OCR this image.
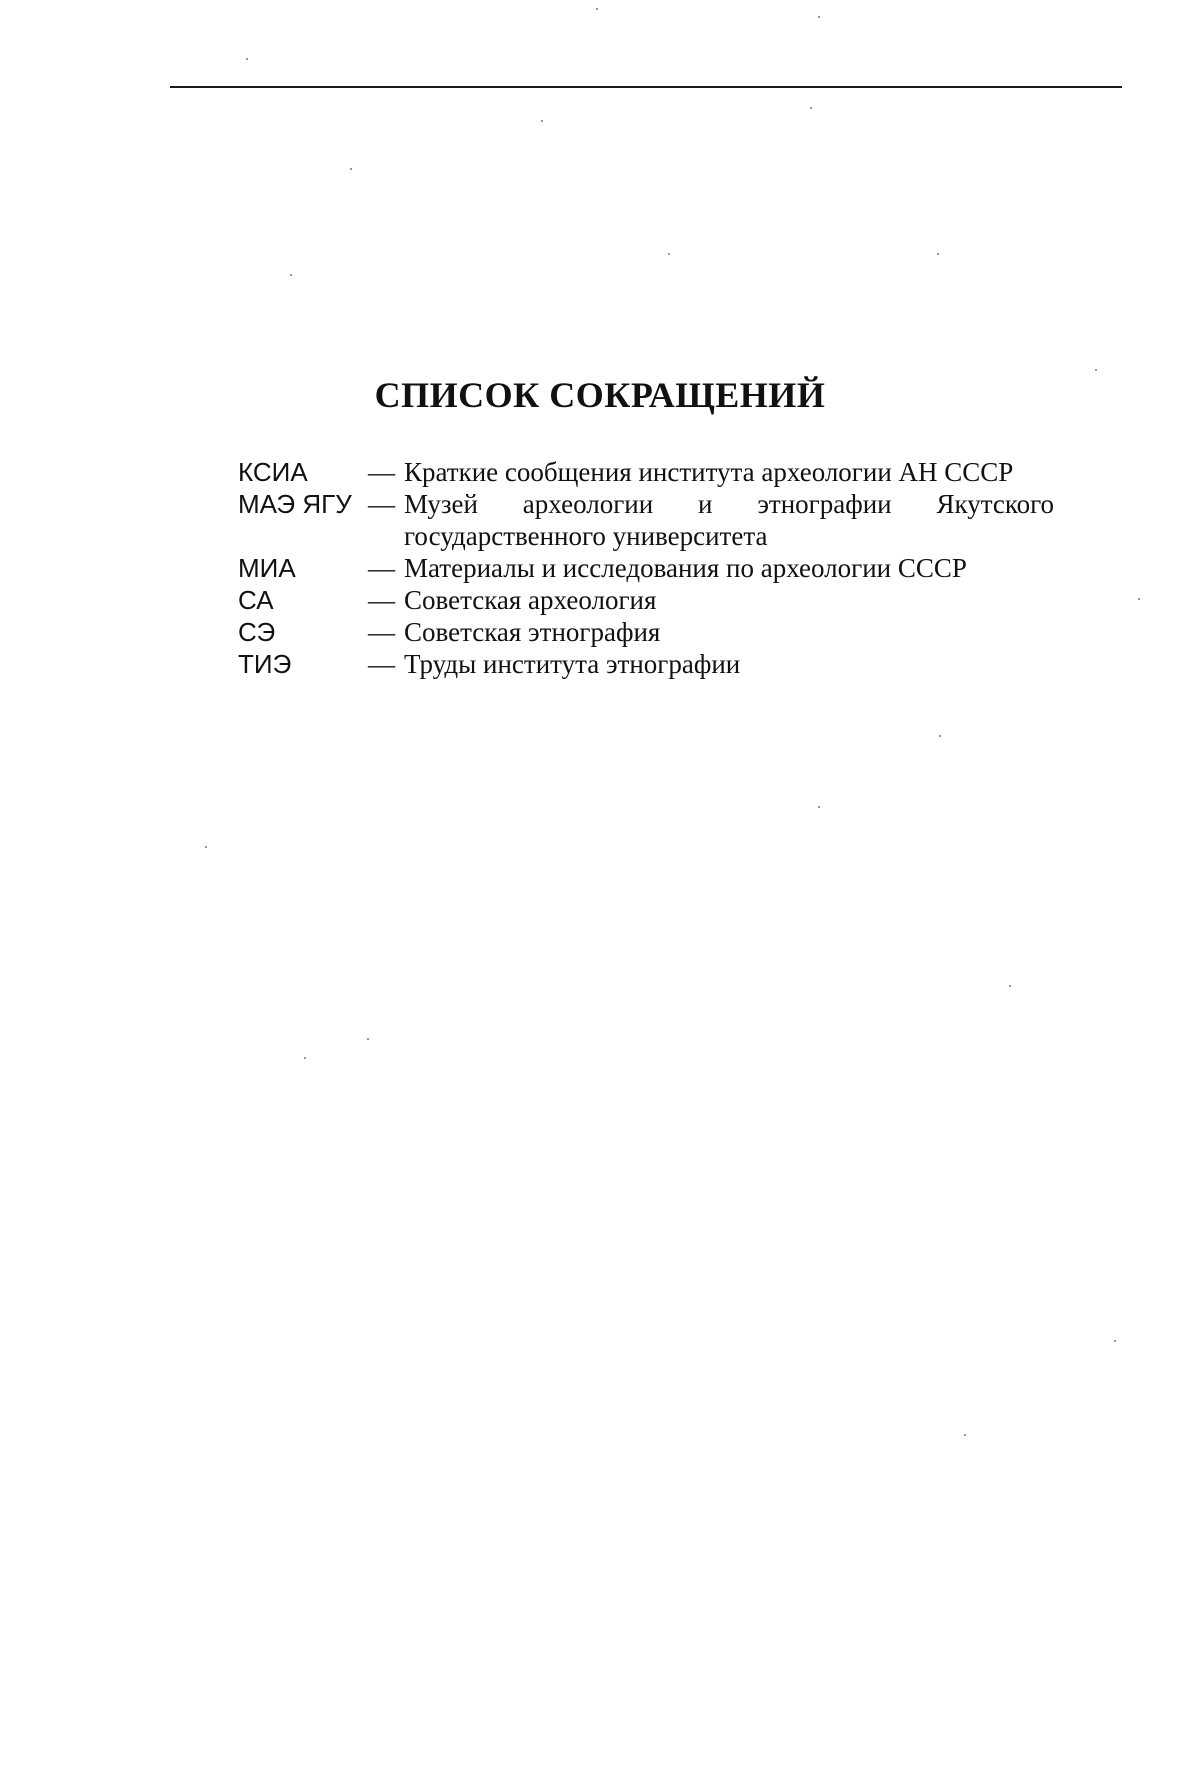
СПИСОК СОКРАЩЕНИЙ
КСИА	— Краткие сообщения института археологии АН СССР
МАЭ ЯГУ — Музей археологии и этнографии Якутского государственного университета
МИА	— Материалы и исследования по археологии СССР
СА	— Советская археология
СЭ	— Советская этнография
ТИЭ	— Труды института этнографии
